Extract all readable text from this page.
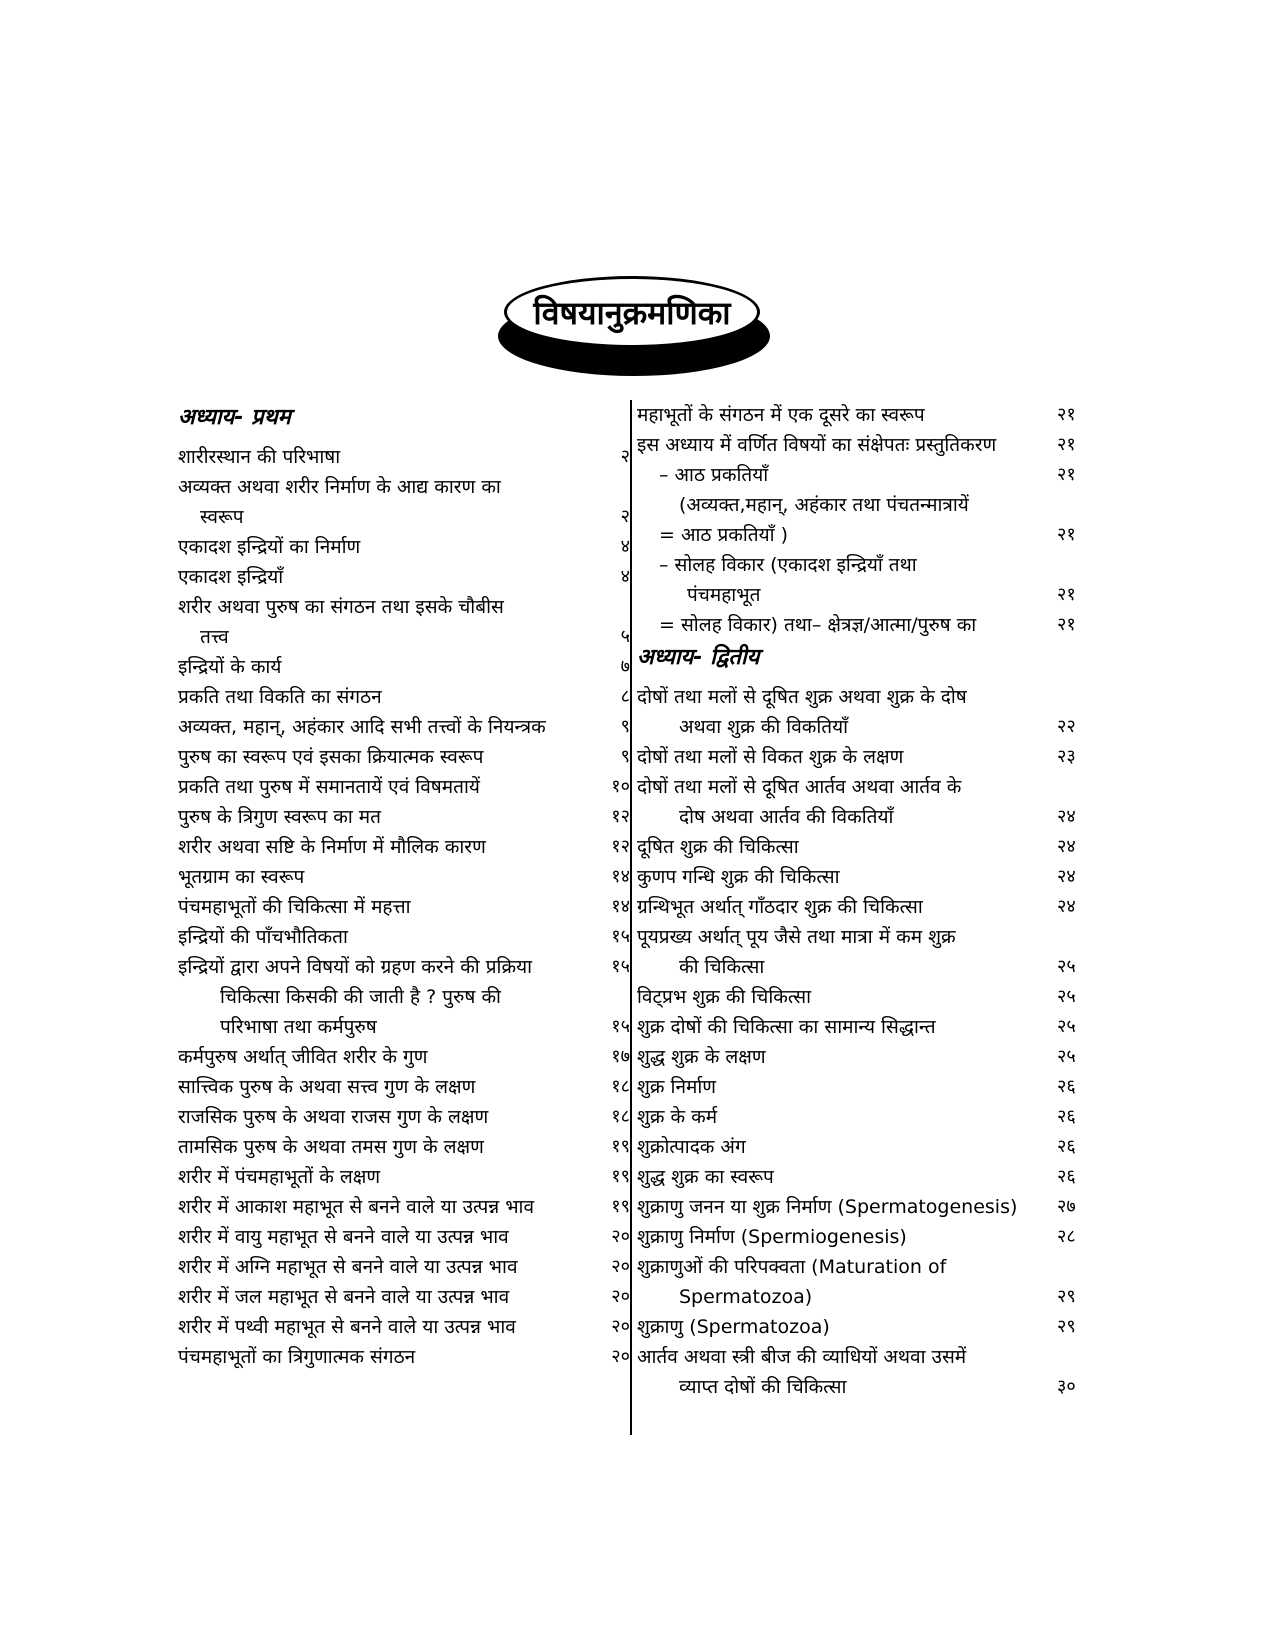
विषयानुक्रमणिका
अध्याय- प्रथम
शारीरस्थान की परिभाषा	२
अव्यक्त अथवा शरीर निर्माण के आद्य कारण का
स्वरूप	२
एकादश इन्द्रियों का निर्माण	४
एकादश इन्द्रियाँ	४
शरीर अथवा पुरुष का संगठन तथा इसके चौबीस
तत्त्व	५
इन्द्रियों के कार्य	७
प्रकति तथा विकति का संगठन	८
अव्यक्त, महान्, अहंकार आदि सभी तत्त्वों के नियन्त्रक	९
पुरुष का स्वरूप एवं इसका क्रियात्मक स्वरूप	९
प्रकति तथा पुरुष में समानतायें एवं विषमतायें	१०
पुरुष के त्रिगुण स्वरूप का मत	१२
शरीर अथवा सष्टि के निर्माण में मौलिक कारण	१२
भूतग्राम का स्वरूप	१४
पंचमहाभूतों की चिकित्सा में महत्ता	१४
इन्द्रियों की पाँचभौतिकता	१५
इन्द्रियों द्वारा अपने विषयों को ग्रहण करने की प्रक्रिया	१५
चिकित्सा किसकी की जाती है ? पुरुष की
परिभाषा तथा कर्मपुरुष	१५
कर्मपुरुष अर्थात् जीवित शरीर के गुण	१७
सात्त्विक पुरुष के अथवा सत्त्व गुण के लक्षण	१८
राजसिक पुरुष के अथवा राजस गुण के लक्षण	१८
तामसिक पुरुष के अथवा तमस गुण के लक्षण	१९
शरीर में पंचमहाभूतों के लक्षण	१९
शरीर में आकाश महाभूत से बनने वाले या उत्पन्न भाव	१९
शरीर में वायु महाभूत से बनने वाले या उत्पन्न भाव	२०
शरीर में अग्नि महाभूत से बनने वाले या उत्पन्न भाव	२०
शरीर में जल महाभूत से बनने वाले या उत्पन्न भाव	२०
शरीर में पथ्वी महाभूत से बनने वाले या उत्पन्न भाव	२०
पंचमहाभूतों का त्रिगुणात्मक संगठन	२०
महाभूतों के संगठन में एक दूसरे का स्वरूप	२१
इस अध्याय में वर्णित विषयों का संक्षेपतः प्रस्तुतिकरण	२१
– आठ प्रकतियाँ	२१
(अव्यक्त,महान्, अहंकार तथा पंचतन्मात्रायें
= आठ प्रकतियाँ )	२१
– सोलह विकार (एकादश इन्द्रियाँ तथा
पंचमहाभूत	२१
= सोलह विकार) तथा– क्षेत्रज्ञ/आत्मा/पुरुष का	२१
अध्याय- द्वितीय
दोषों तथा मलों से दूषित शुक्र अथवा शुक्र के दोष
अथवा शुक्र की विकतियाँ	२२
दोषों तथा मलों से विकत शुक्र के लक्षण	२३
दोषों तथा मलों से दूषित आर्तव अथवा आर्तव के
दोष अथवा आर्तव की विकतियाँ	२४
दूषित शुक्र की चिकित्सा	२४
कुणप गन्धि शुक्र की चिकित्सा	२४
ग्रन्थिभूत अर्थात् गाँठदार शुक्र की चिकित्सा	२४
पूयप्रख्य अर्थात् पूय जैसे तथा मात्रा में कम शुक्र
की चिकित्सा	२५
विट्प्रभ शुक्र की चिकित्सा	२५
शुक्र दोषों की चिकित्सा का सामान्य सिद्धान्त	२५
शुद्ध शुक्र के लक्षण	२५
शुक्र निर्माण	२६
शुक्र के कर्म	२६
शुक्रोत्पादक अंग	२६
शुद्ध शुक्र का स्वरूप	२६
शुक्राणु जनन या शुक्र निर्माण (Spermatogenesis)	२७
शुक्राणु निर्माण (Spermiogenesis)	२८
शुक्राणुओं की परिपक्वता (Maturation of
Spermatozoa)	२९
शुक्राणु (Spermatozoa)	२९
आर्तव अथवा स्त्री बीज की व्याधियों अथवा उसमें
व्याप्त दोषों की चिकित्सा	३०
